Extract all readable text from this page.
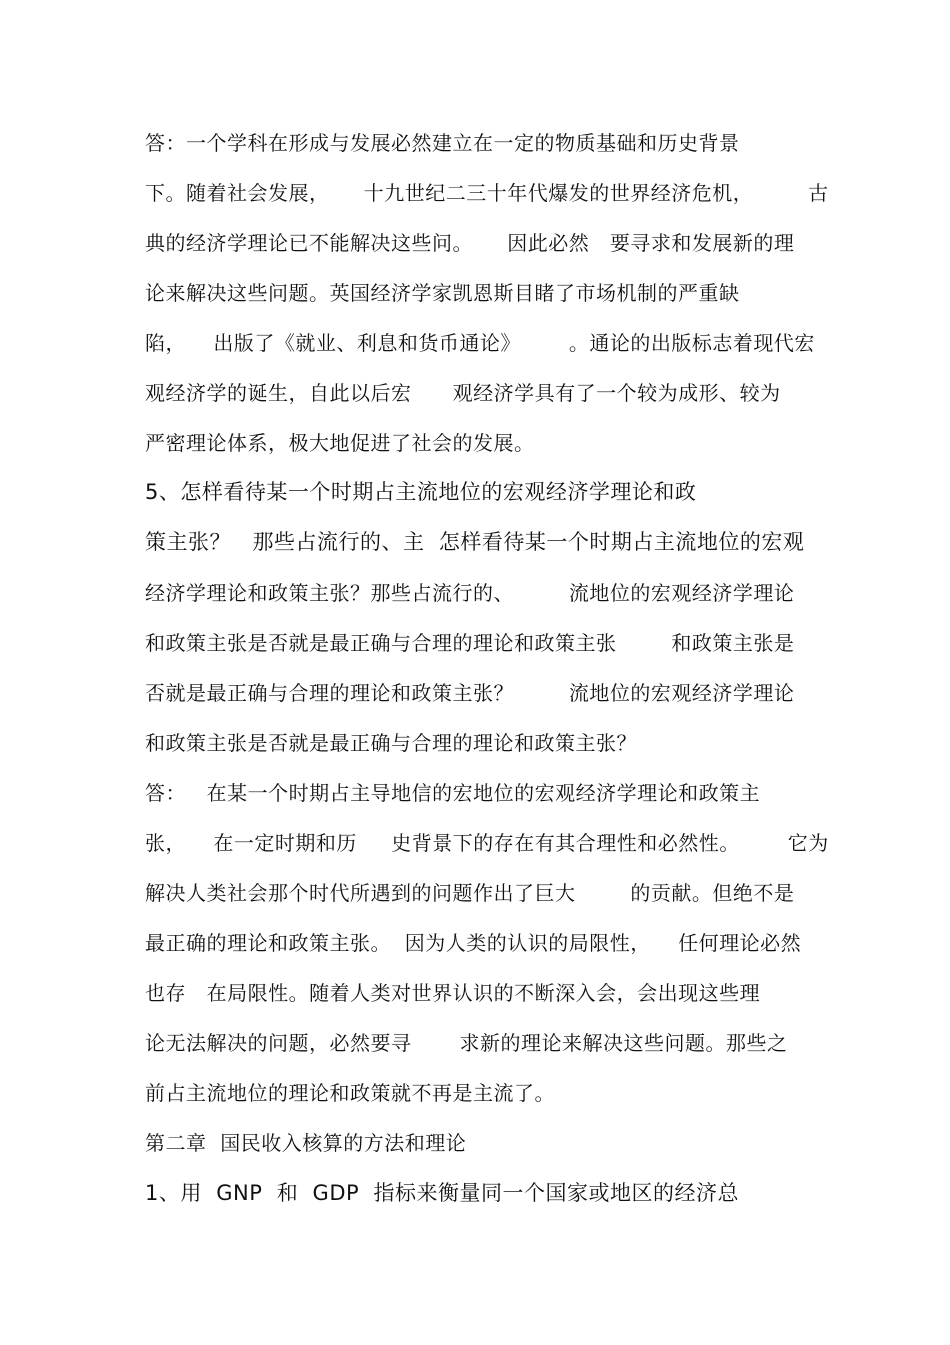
答：一个学科在形成与发展必然建立在一定的物质基础和历史背景
下。随着社会发展，     十九世纪二三十年代爆发的世界经济危机，        古
典的经济学理论已不能解决这些问。     因此必然   要寻求和发展新的理
论来解决这些问题。英国经济学家凯恩斯目睹了市场机制的严重缺
陷，    出版了《就业、利息和货币通论》       。通论的出版标志着现代宏
观经济学的诞生，自此以后宏      观经济学具有了一个较为成形、较为
严密理论体系，极大地促进了社会的发展。
5、怎样看待某一个时期占主流地位的宏观经济学理论和政
策主张？   那些占流行的、主  怎样看待某一个时期占主流地位的宏观
经济学理论和政策主张？那些占流行的、        流地位的宏观经济学理论
和政策主张是否就是最正确与合理的理论和政策主张        和政策主张是
否就是最正确与合理的理论和政策主张？        流地位的宏观经济学理论
和政策主张是否就是最正确与合理的理论和政策主张？
答：   在某一个时期占主导地信的宏地位的宏观经济学理论和政策主
张，    在一定时期和历     史背景下的存在有其合理性和必然性。       它为
解决人类社会那个时代所遇到的问题作出了巨大        的贡献。但绝不是
最正确的理论和政策主张。  因为人类的认识的局限性，    任何理论必然
也存   在局限性。随着人类对世界认识的不断深入会，会出现这些理
论无法解决的问题，必然要寻       求新的理论来解决这些问题。那些之
前占主流地位的理论和政策就不再是主流了。
第二章  国民收入核算的方法和理论
1、用  GNP  和  GDP  指标来衡量同一个国家或地区的经济总
